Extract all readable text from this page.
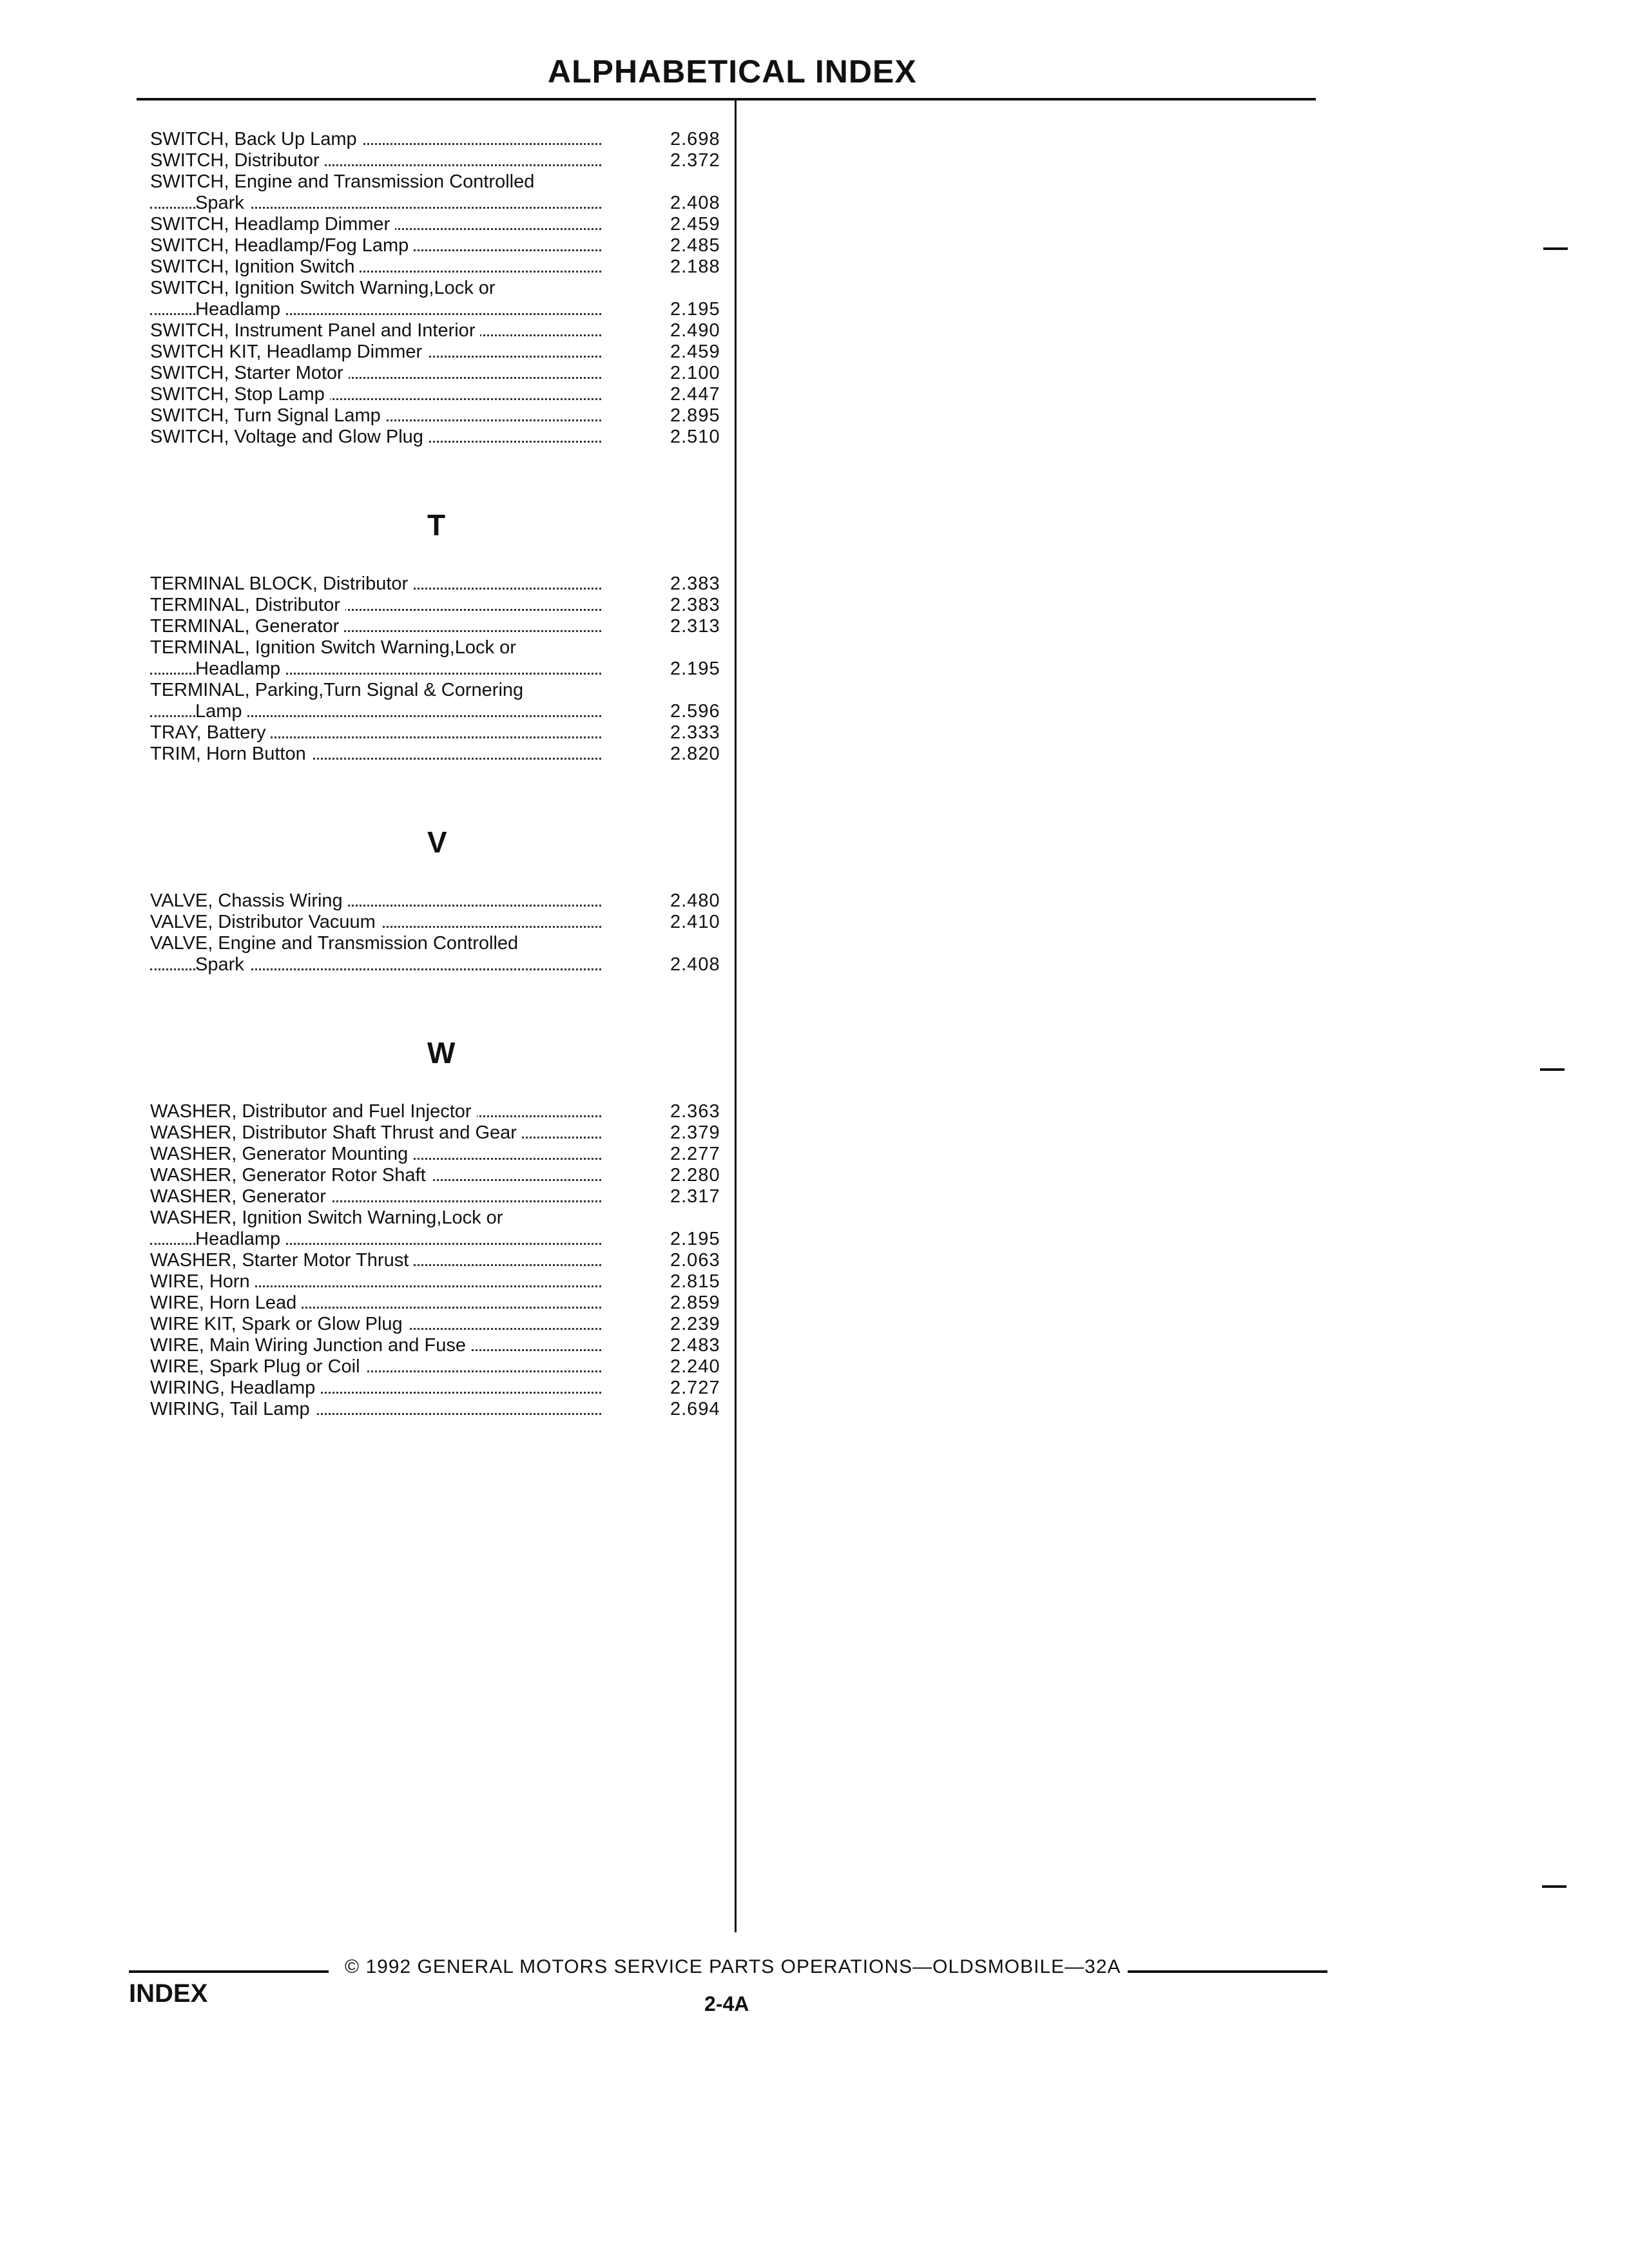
ALPHABETICAL INDEX
SWITCH, Back Up Lamp	2.698
SWITCH, Distributor	2.372
SWITCH, Engine and Transmission Controlled
Spark	2.408
SWITCH, Headlamp Dimmer	2.459
SWITCH, Headlamp/Fog Lamp	2.485
SWITCH, Ignition Switch	2.188
SWITCH, Ignition Switch Warning,Lock or
Headlamp	2.195
SWITCH, Instrument Panel and Interior	2.490
SWITCH KIT, Headlamp Dimmer	2.459
SWITCH, Starter Motor	2.100
SWITCH, Stop Lamp	2.447
SWITCH, Turn Signal Lamp	2.895
SWITCH, Voltage and Glow Plug	2.510
T
TERMINAL BLOCK, Distributor	2.383
TERMINAL, Distributor	2.383
TERMINAL, Generator	2.313
TERMINAL, Ignition Switch Warning,Lock or
Headlamp	2.195
TERMINAL, Parking,Turn Signal & Cornering
Lamp	2.596
TRAY, Battery	2.333
TRIM, Horn Button	2.820
V
VALVE, Chassis Wiring	2.480
VALVE, Distributor Vacuum	2.410
VALVE, Engine and Transmission Controlled
Spark	2.408
W
WASHER, Distributor and Fuel Injector	2.363
WASHER, Distributor Shaft Thrust and Gear	2.379
WASHER, Generator Mounting	2.277
WASHER, Generator Rotor Shaft	2.280
WASHER, Generator	2.317
WASHER, Ignition Switch Warning,Lock or
Headlamp	2.195
WASHER, Starter Motor Thrust	2.063
WIRE, Horn	2.815
WIRE, Horn Lead	2.859
WIRE KIT, Spark or Glow Plug	2.239
WIRE, Main Wiring Junction and Fuse	2.483
WIRE, Spark Plug or Coil	2.240
WIRING, Headlamp	2.727
WIRING, Tail Lamp	2.694
© 1992 GENERAL MOTORS SERVICE PARTS OPERATIONS—OLDSMOBILE—32A
INDEX	2-4A
